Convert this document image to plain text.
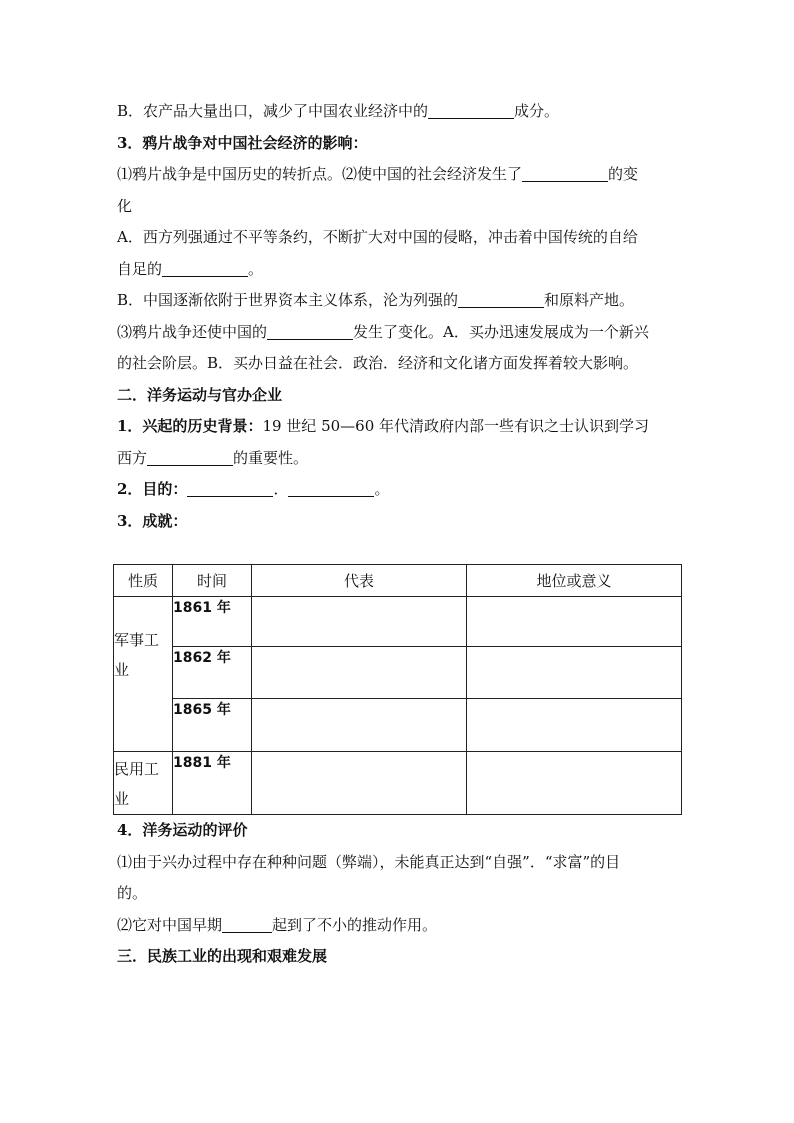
B．农产品大量出口，减少了中国农业经济中的	成分。
3．鸦片战争对中国社会经济的影响：
⑴鸦片战争是中国历史的转折点。⑵使中国的社会经济发生了	的变
化
A．西方列强通过不平等条约，不断扩大对中国的侵略，冲击着中国传统的自给
自足的	。
B．中国逐渐依附于世界资本主义体系，沦为列强的	和原料产地。
⑶鸦片战争还使中国的	发生了变化。A．买办迅速发展成为一个新兴
的社会阶层。B．买办日益在社会．政治．经济和文化诸方面发挥着较大影响。
二．洋务运动与官办企业
1．兴起的历史背景：19 世纪 50—60 年代清政府内部一些有识之士认识到学习
西方	的重要性。
2．目的：	．	。
3．成就：
性质	时间	代表	地位或意义
军事工业	1861 年		
	1862 年		
	1865 年		
民用工业	1881 年		
4．洋务运动的评价
⑴由于兴办过程中存在种种问题（弊端），未能真正达到“自强”．“求富”的目
的。
⑵它对中国早期	起到了不小的推动作用。
三．民族工业的出现和艰难发展
